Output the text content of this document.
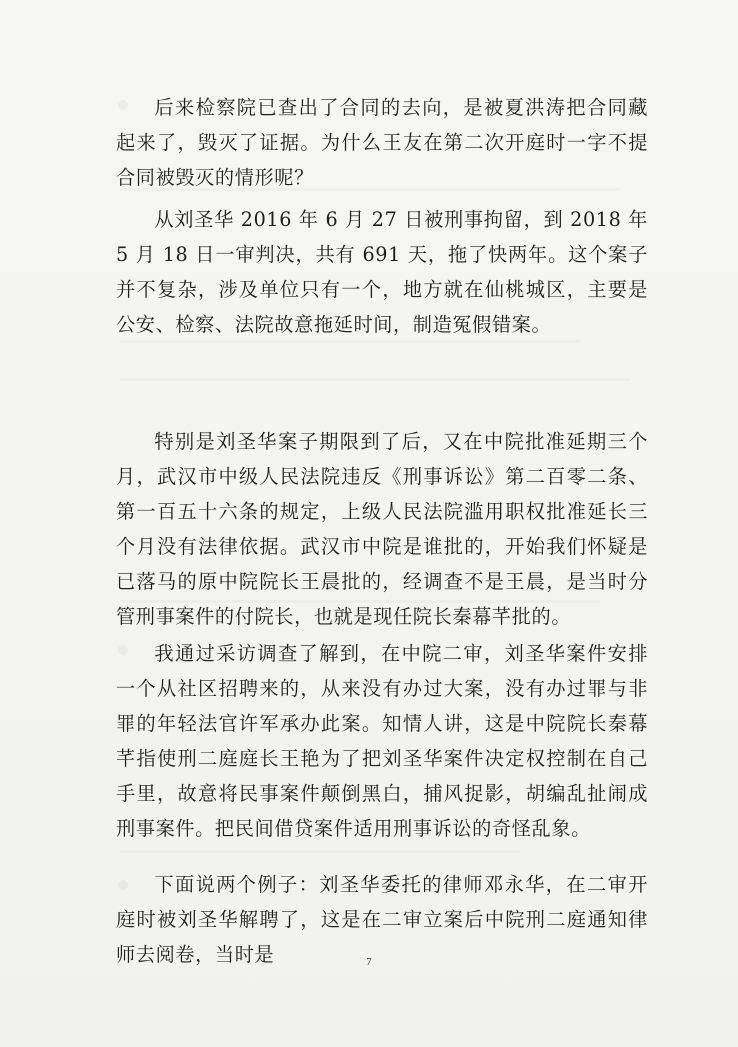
后来检察院已查出了合同的去向，是被夏洪涛把合同藏起来了，毁灭了证据。为什么王友在第二次开庭时一字不提合同被毁灭的情形呢？

从刘圣华 2016 年 6 月 27 日被刑事拘留，到 2018 年 5 月 18 日一审判决，共有 691 天，拖了快两年。这个案子并不复杂，涉及单位只有一个，地方就在仙桃城区，主要是公安、检察、法院故意拖延时间，制造冤假错案。

特别是刘圣华案子期限到了后，又在中院批准延期三个月，武汉市中级人民法院违反《刑事诉讼》第二百零二条、第一百五十六条的规定，上级人民法院滥用职权批准延长三个月没有法律依据。武汉市中院是谁批的，开始我们怀疑是已落马的原中院院长王晨批的，经调查不是王晨，是当时分管刑事案件的付院长，也就是现任院长秦幕芊批的。

我通过采访调查了解到，在中院二审，刘圣华案件安排一个从社区招聘来的，从来没有办过大案，没有办过罪与非罪的年轻法官许军承办此案。知情人讲，这是中院院长秦幕芊指使刑二庭庭长王艳为了把刘圣华案件决定权控制在自己手里，故意将民事案件颠倒黑白，捕风捉影，胡编乱扯闹成刑事案件。把民间借贷案件适用刑事诉讼的奇怪乱象。

下面说两个例子：刘圣华委托的律师邓永华，在二审开庭时被刘圣华解聘了，这是在二审立案后中院刑二庭通知律师去阅卷，当时是	7
